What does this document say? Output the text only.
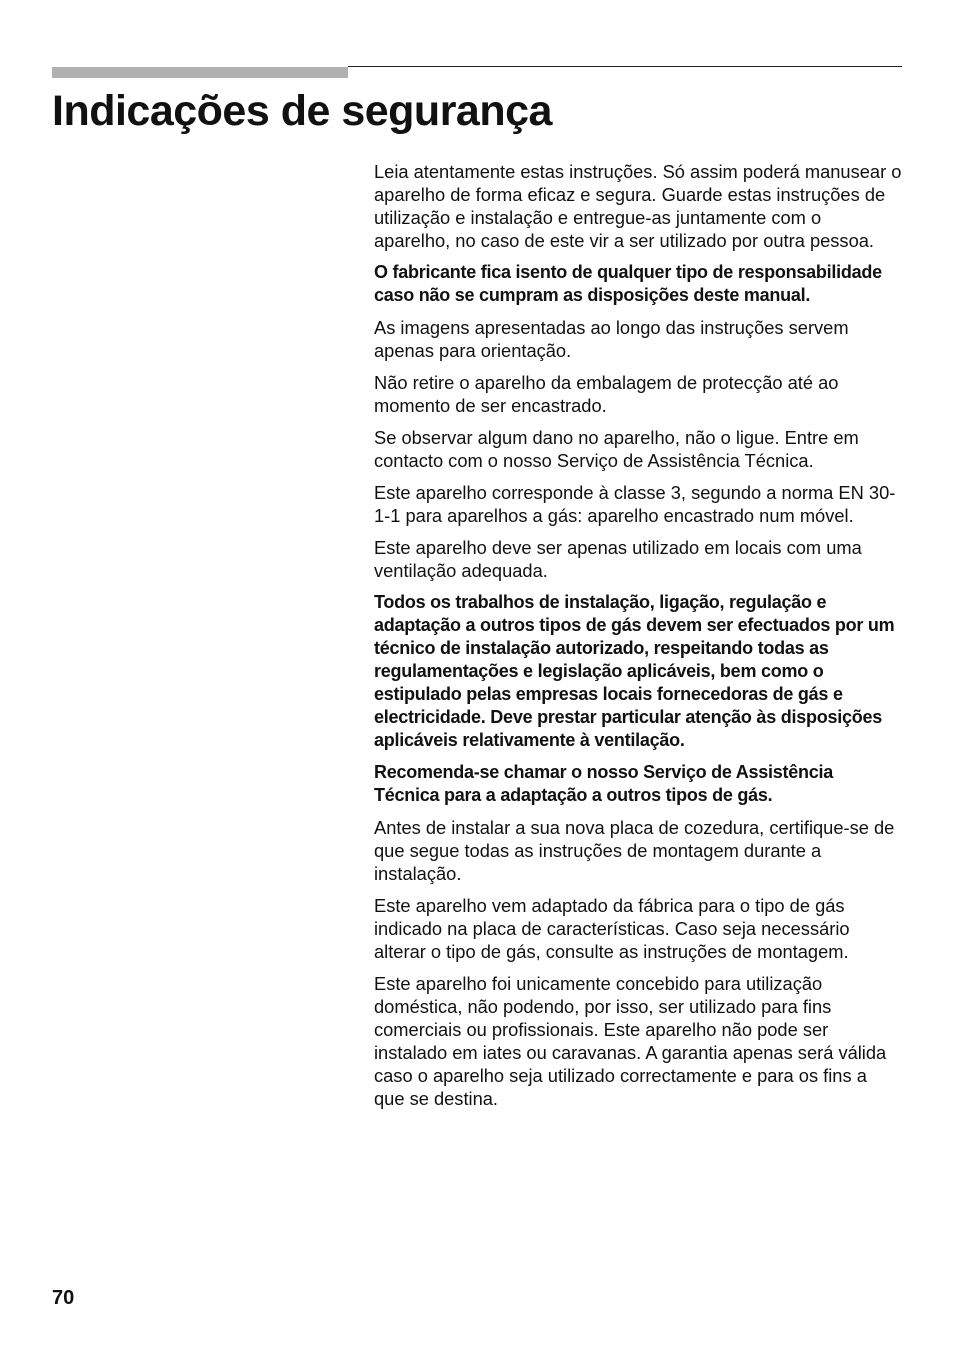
Indicações de segurança

Leia atentamente estas instruções. Só assim poderá manusear o aparelho de forma eficaz e segura. Guarde estas instruções de utilização e instalação e entregue-as juntamente com o aparelho, no caso de este vir a ser utilizado por outra pessoa.

O fabricante fica isento de qualquer tipo de responsabilidade caso não se cumpram as disposições deste manual.

As imagens apresentadas ao longo das instruções servem apenas para orientação.

Não retire o aparelho da embalagem de protecção até ao momento de ser encastrado.

Se observar algum dano no aparelho, não o ligue. Entre em contacto com o nosso Serviço de Assistência Técnica.

Este aparelho corresponde à classe 3, segundo a norma EN 30-1-1 para aparelhos a gás: aparelho encastrado num móvel.

Este aparelho deve ser apenas utilizado em locais com uma ventilação adequada.

Todos os trabalhos de instalação, ligação, regulação e adaptação a outros tipos de gás devem ser efectuados por um técnico de instalação autorizado, respeitando todas as regulamentações e legislação aplicáveis, bem como o estipulado pelas empresas locais fornecedoras de gás e electricidade. Deve prestar particular atenção às disposições aplicáveis relativamente à ventilação.

Recomenda-se chamar o nosso Serviço de Assistência Técnica para a adaptação a outros tipos de gás.

Antes de instalar a sua nova placa de cozedura, certifique-se de que segue todas as instruções de montagem durante a instalação.

Este aparelho vem adaptado da fábrica para o tipo de gás indicado na placa de características. Caso seja necessário alterar o tipo de gás, consulte as instruções de montagem.

Este aparelho foi unicamente concebido para utilização doméstica, não podendo, por isso, ser utilizado para fins comerciais ou profissionais. Este aparelho não pode ser instalado em iates ou caravanas. A garantia apenas será válida caso o aparelho seja utilizado correctamente e para os fins a que se destina.

70
